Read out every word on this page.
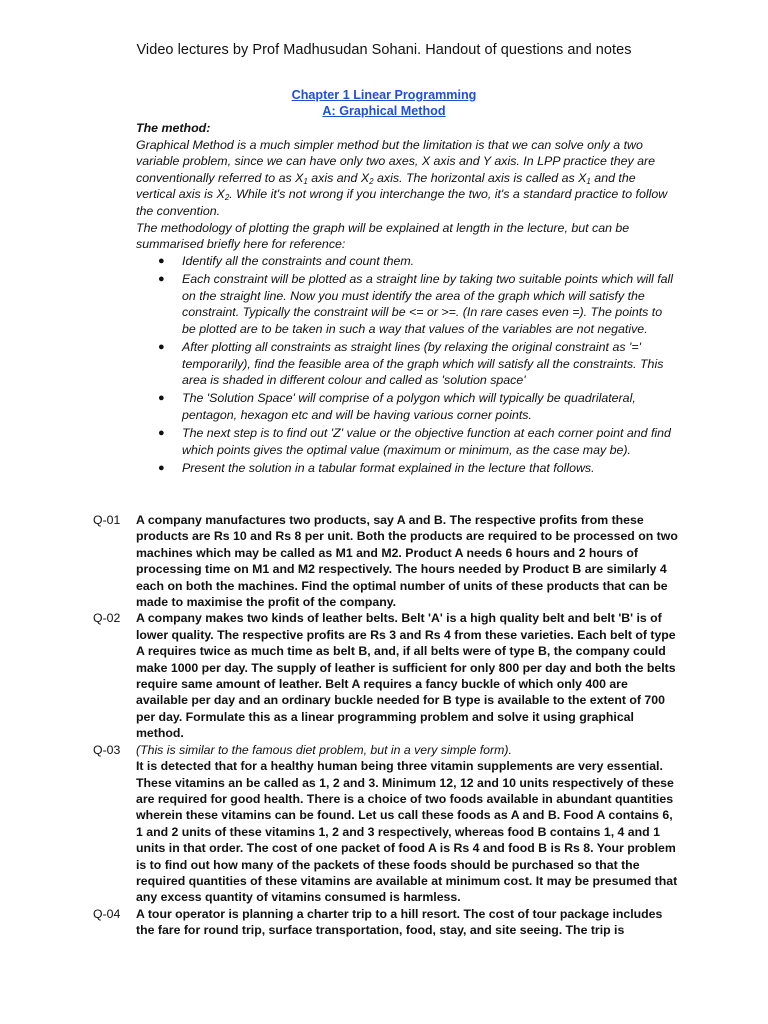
Video lectures by Prof Madhusudan Sohani. Handout of questions and notes
Chapter 1 Linear Programming
A: Graphical Method

The method:

Graphical Method is a much simpler method but the limitation is that we can solve only a two variable problem, since we can have only two axes, X axis and Y axis. In LPP practice they are conventionally referred to as $X_1$ axis and $X_2$ axis. The horizontal axis is called as $X_1$ and the vertical axis is $X_2$. While it's not wrong if you interchange the two, it's a standard practice to follow the convention.

The methodology of plotting the graph will be explained at length in the lecture, but can be summarised briefly here for reference:

● Identify all the constraints and count them.
● Each constraint will be plotted as a straight line by taking two suitable points which will fall on the straight line. Now you must identify the area of the graph which will satisfy the constraint. Typically the constraint will be <= or >=. (In rare cases even =). The points to be plotted are to be taken in such a way that values of the variables are not negative.
● After plotting all constraints as straight lines (by relaxing the original constraint as '=' temporarily), find the feasible area of the graph which will satisfy all the constraints. This area is shaded in different colour and called as 'solution space'
● The 'Solution Space' will comprise of a polygon which will typically be quadrilateral, pentagon, hexagon etc and will be having various corner points.
● The next step is to find out 'Z' value or the objective function at each corner point and find which points gives the optimal value (maximum or minimum, as the case may be).
● Present the solution in a tabular format explained in the lecture that follows.
Q-01 A company manufactures two products, say A and B. The respective profits from these products are Rs 10 and Rs 8 per unit. Both the products are required to be processed on two machines which may be called as M1 and M2. Product A needs 6 hours and 2 hours of processing time on M1 and M2 respectively. The hours needed by Product B are similarly 4 each on both the machines. Find the optimal number of units of these products that can be made to maximise the profit of the company.
Q-02 A company makes two kinds of leather belts. Belt 'A' is a high quality belt and belt 'B' is of lower quality. The respective profits are Rs 3 and Rs 4 from these varieties. Each belt of type A requires twice as much time as belt B, and, if all belts were of type B, the company could make 1000 per day. The supply of leather is sufficient for only 800 per day and both the belts require same amount of leather. Belt A requires a fancy buckle of which only 400 are available per day and an ordinary buckle needed for B type is available to the extent of 700 per day. Formulate this as a linear programming problem and solve it using graphical method.
Q-03 (This is similar to the famous diet problem, but in a very simple form).
It is detected that for a healthy human being three vitamin supplements are very essential. These vitamins an be called as 1, 2 and 3. Minimum 12, 12 and 10 units respectively of these are required for good health. There is a choice of two foods available in abundant quantities wherein these vitamins can be found. Let us call these foods as A and B. Food A contains 6, 1 and 2 units of these vitamins 1, 2 and 3 respectively, whereas food B contains 1, 4 and 1 units in that order. The cost of one packet of food A is Rs 4 and food B is Rs 8. Your problem is to find out how many of the packets of these foods should be purchased so that the required quantities of these vitamins are available at minimum cost. It may be presumed that any excess quantity of vitamins consumed is harmless.
Q-04 A tour operator is planning a charter trip to a hill resort. The cost of tour package includes the fare for round trip, surface transportation, food, stay, and site seeing. The trip is
